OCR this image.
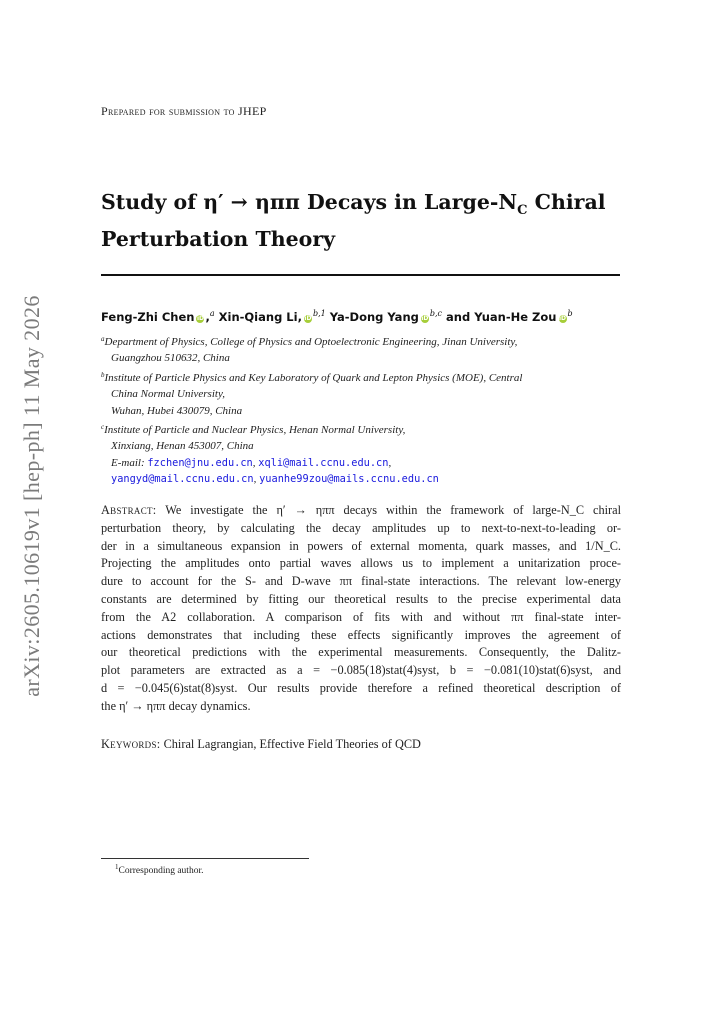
arXiv:2605.10619v1 [hep-ph] 11 May 2026
Prepared for submission to JHEP
Study of η′ → ηππ Decays in Large-$N_C$ Chiral
Perturbation Theory
Feng-Zhi Chen iD,$^a$ Xin-Qiang Li, iD$^{b,1}$ Ya-Dong Yang iD$^{b,c}$ and Yuan-He Zou $iD^b$
$^a$Department of Physics, College of Physics and Optoelectronic Engineering, Jinan University,
Guangzhou 510632, China
$^b$Institute of Particle Physics and Key Laboratory of Quark and Lepton Physics (MOE), Central
China Normal University,
Wuhan, Hubei 430079, China
$^c$Institute of Particle and Nuclear Physics, Henan Normal University,
Xinxiang, Henan 453007, China
E-mail: fzchen@jnu.edu.cn, xqli@mail.ccnu.edu.cn,
yangyd@mail.ccnu.edu.cn, yuanhe99zou@mails.ccnu.edu.cn
Abstract: We investigate the η′ → ηππ decays within the framework of large-N_C chiral
perturbation theory, by calculating the decay amplitudes up to next-to-next-to-leading or-
der in a simultaneous expansion in powers of external momenta, quark masses, and 1/N_C.
Projecting the amplitudes onto partial waves allows us to implement a unitarization proce-
dure to account for the S- and D-wave ππ final-state interactions. The relevant low-energy
constants are determined by fitting our theoretical results to the precise experimental data
from the A2 collaboration. A comparison of fits with and without ππ final-state inter-
actions demonstrates that including these effects significantly improves the agreement of
our theoretical predictions with the experimental measurements. Consequently, the Dalitz-
plot parameters are extracted as a = −0.085(18)stat(4)syst, b = −0.081(10)stat(6)syst, and
d = −0.045(6)stat(8)syst. Our results provide therefore a refined theoretical description of
the η′ → ηππ decay dynamics.
Keywords: Chiral Lagrangian, Effective Field Theories of QCD
$^1$Corresponding author.
